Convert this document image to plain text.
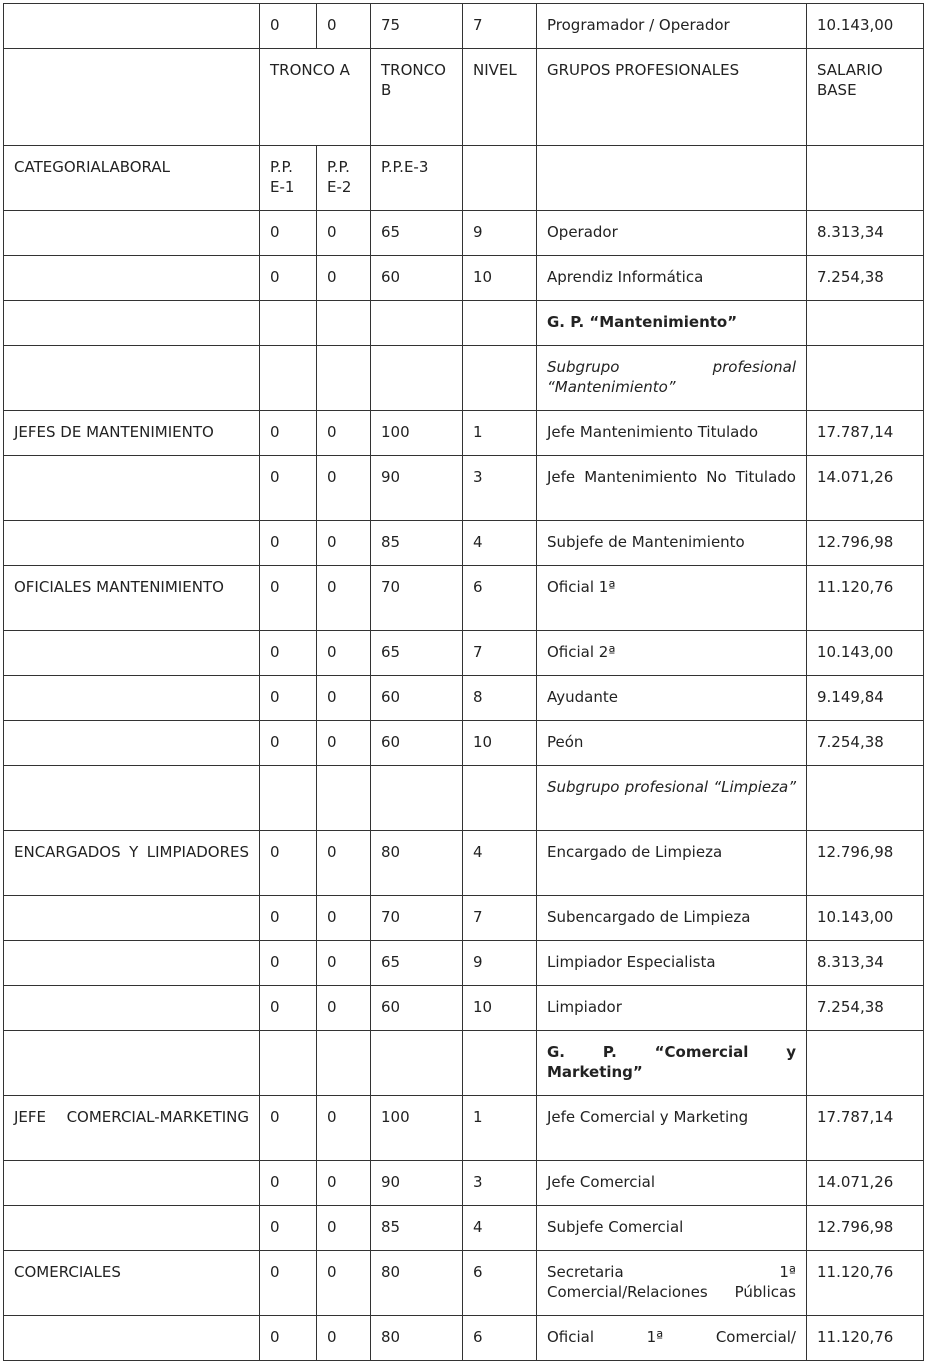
	0	0	75	7	Programador / Operador	10.143,00
	TRONCO A		TRONCO B	NIVEL	GRUPOS PROFESIONALES	SALARIO BASE
CATEGORIALABORAL	P.P. E-1	P.P. E-2	P.P.E-3			
	0	0	65	9	Operador	8.313,34
	0	0	60	10	Aprendiz Informática	7.254,38
					G. P. “Mantenimiento”	
					Subgrupo profesional “Mantenimiento”	
JEFES DE MANTENIMIENTO	0	0	100	1	Jefe Mantenimiento Titulado	17.787,14
	0	0	90	3	Jefe Mantenimiento No Titulado	14.071,26
	0	0	85	4	Subjefe de Mantenimiento	12.796,98
OFICIALES MANTENIMIENTO	0	0	70	6	Oficial 1ª	11.120,76
	0	0	65	7	Oficial 2ª	10.143,00
	0	0	60	8	Ayudante	9.149,84
	0	0	60	10	Peón	7.254,38
					Subgrupo profesional “Limpieza”	
ENCARGADOS Y LIMPIADORES	0	0	80	4	Encargado de Limpieza	12.796,98
	0	0	70	7	Subencargado de Limpieza	10.143,00
	0	0	65	9	Limpiador Especialista	8.313,34
	0	0	60	10	Limpiador	7.254,38
					G. P. “Comercial y Marketing”	
JEFE COMERCIAL-MARKETING	0	0	100	1	Jefe Comercial y Marketing	17.787,14
	0	0	90	3	Jefe Comercial	14.071,26
	0	0	85	4	Subjefe Comercial	12.796,98
COMERCIALES	0	0	80	6	Secretaria 1ª Comercial/Relaciones Públicas	11.120,76
	0	0	80	6	Oficial 1ª Comercial/	11.120,76
